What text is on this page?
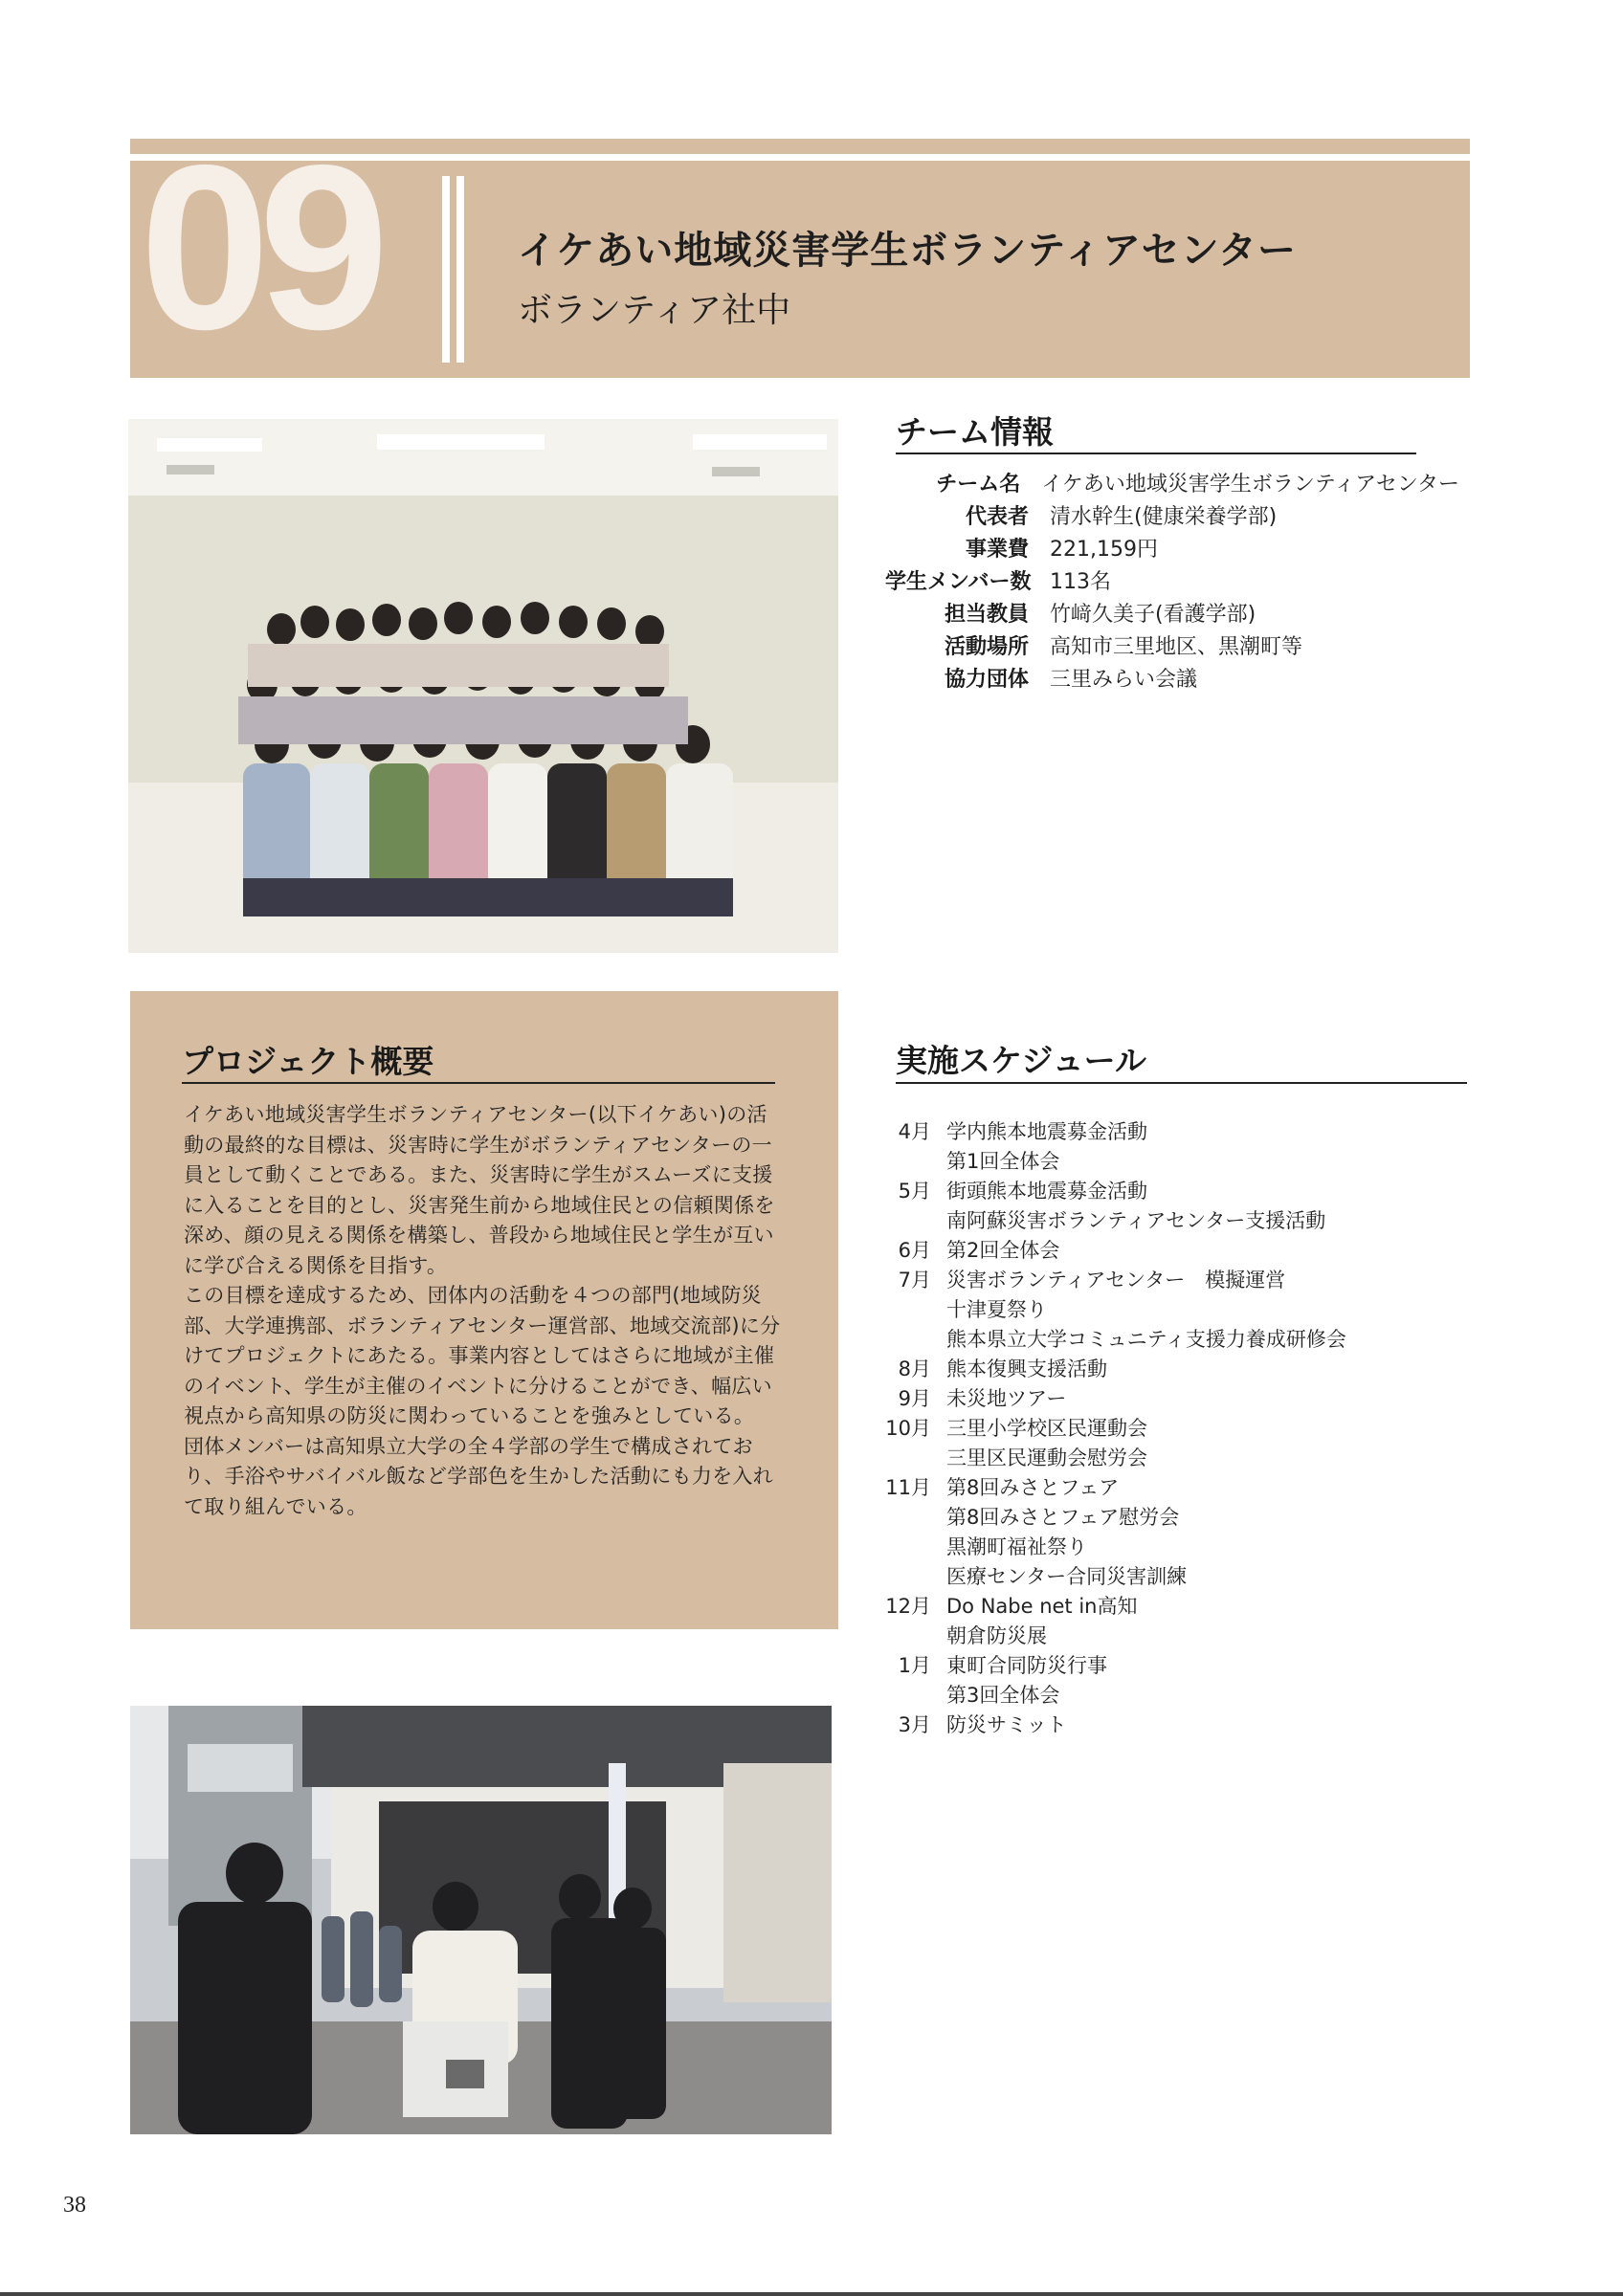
09	イケあい地域災害学生ボランティアセンター
ボランティア社中
チーム情報
チーム名	イケあい地域災害学生ボランティアセンター
代表者	清水幹生(健康栄養学部)
事業費	221,159円
学生メンバー数 113名
担当教員	竹﨑久美子(看護学部)
活動場所	高知市三里地区、黒潮町等
協力団体	三里みらい会議
プロジェクト概要

イケあい地域災害学生ボランティアセンター(以下イケあい)の活動の最終的な目標は、災害時に学生がボランティアセンターの一員として動くことである。また、災害時に学生がスムーズに支援に入ることを目的とし、災害発生前から地域住民との信頼関係を深め、顔の見える関係を構築し、普段から地域住民と学生が互いに学び合える関係を目指す。

この目標を達成するため、団体内の活動を４つの部門(地域防災部、大学連携部、ボランティアセンター運営部、地域交流部)に分けてプロジェクトにあたる。事業内容としてはさらに地域が主催のイベント、学生が主催のイベントに分けることができ、幅広い視点から高知県の防災に関わっていることを強みとしている。

団体メンバーは高知県立大学の全４学部の学生で構成されており、手浴やサバイバル飯など学部色を生かした活動にも力を入れて取り組んでいる。

実施スケジュール
4月 学内熊本地震募金活動
第1回全体会
5月 街頭熊本地震募金活動
南阿蘇災害ボランティアセンター支援活動
6月 第2回全体会
7月 災害ボランティアセンター　模擬運営
十津夏祭り
熊本県立大学コミュニティ支援力養成研修会
8月 熊本復興支援活動
9月 未災地ツアー
10月 三里小学校区民運動会
三里区民運動会慰労会
11月 第8回みさとフェア
第8回みさとフェア慰労会
黒潮町福祉祭り
医療センター合同災害訓練
12月 Do Nabe net in高知
朝倉防災展
1月 東町合同防災行事
第3回全体会
3月 防災サミット
38
